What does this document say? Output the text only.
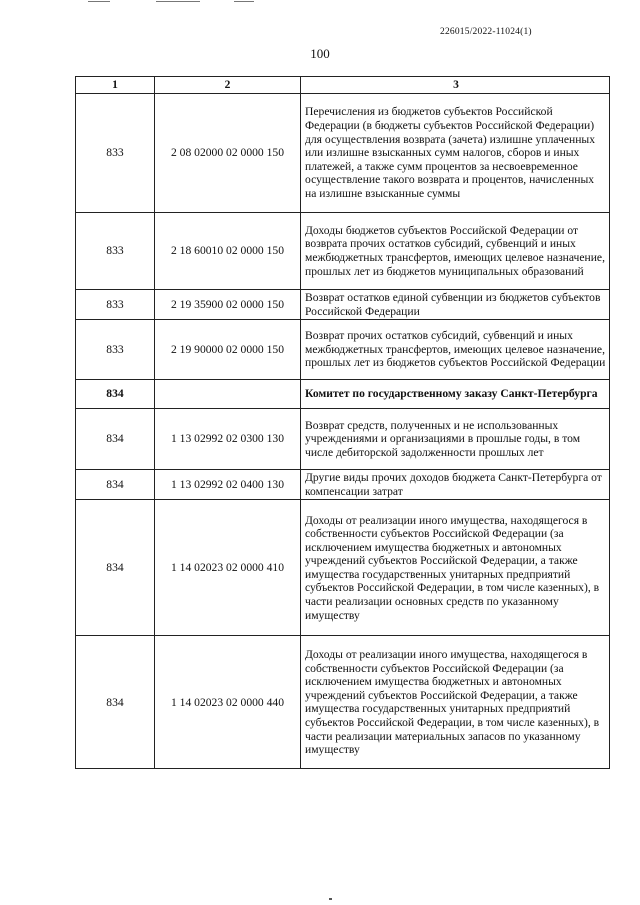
226015/2022-11024(1)
100
1	2	3
833	2 08 02000 02 0000 150	Перечисления из бюджетов субъектов Российской Федерации (в бюджеты субъектов Российской Федерации) для осуществления возврата (зачета) излишне уплаченных или излишне взысканных сумм налогов, сборов и иных платежей, а также сумм процентов за несвоевременное осуществление такого возврата и процентов, начисленных на излишне взысканные суммы
833	2 18 60010 02 0000 150	Доходы бюджетов субъектов Российской Федерации от возврата прочих остатков субсидий, субвенций и иных межбюджетных трансфертов, имеющих целевое назначение, прошлых лет из бюджетов муниципальных образований
833	2 19 35900 02 0000 150	Возврат остатков единой субвенции из бюджетов субъектов Российской Федерации
833	2 19 90000 02 0000 150	Возврат прочих остатков субсидий, субвенций и иных межбюджетных трансфертов, имеющих целевое назначение, прошлых лет из бюджетов субъектов Российской Федерации
834		Комитет по государственному заказу Санкт-Петербурга
834	1 13 02992 02 0300 130	Возврат средств, полученных и не использованных учреждениями и организациями в прошлые годы, в том числе дебиторской задолженности прошлых лет
834	1 13 02992 02 0400 130	Другие виды прочих доходов бюджета Санкт-Петербурга от компенсации затрат
834	1 14 02023 02 0000 410	Доходы от реализации иного имущества, находящегося в собственности субъектов Российской Федерации (за исключением имущества бюджетных и автономных учреждений субъектов Российской Федерации, а также имущества государственных унитарных предприятий субъектов Российской Федерации, в том числе казенных), в части реализации основных средств по указанному имуществу
834	1 14 02023 02 0000 440	Доходы от реализации иного имущества, находящегося в собственности субъектов Российской Федерации (за исключением имущества бюджетных и автономных учреждений субъектов Российской Федерации, а также имущества государственных унитарных предприятий субъектов Российской Федерации, в том числе казенных), в части реализации материальных запасов по указанному имуществу
